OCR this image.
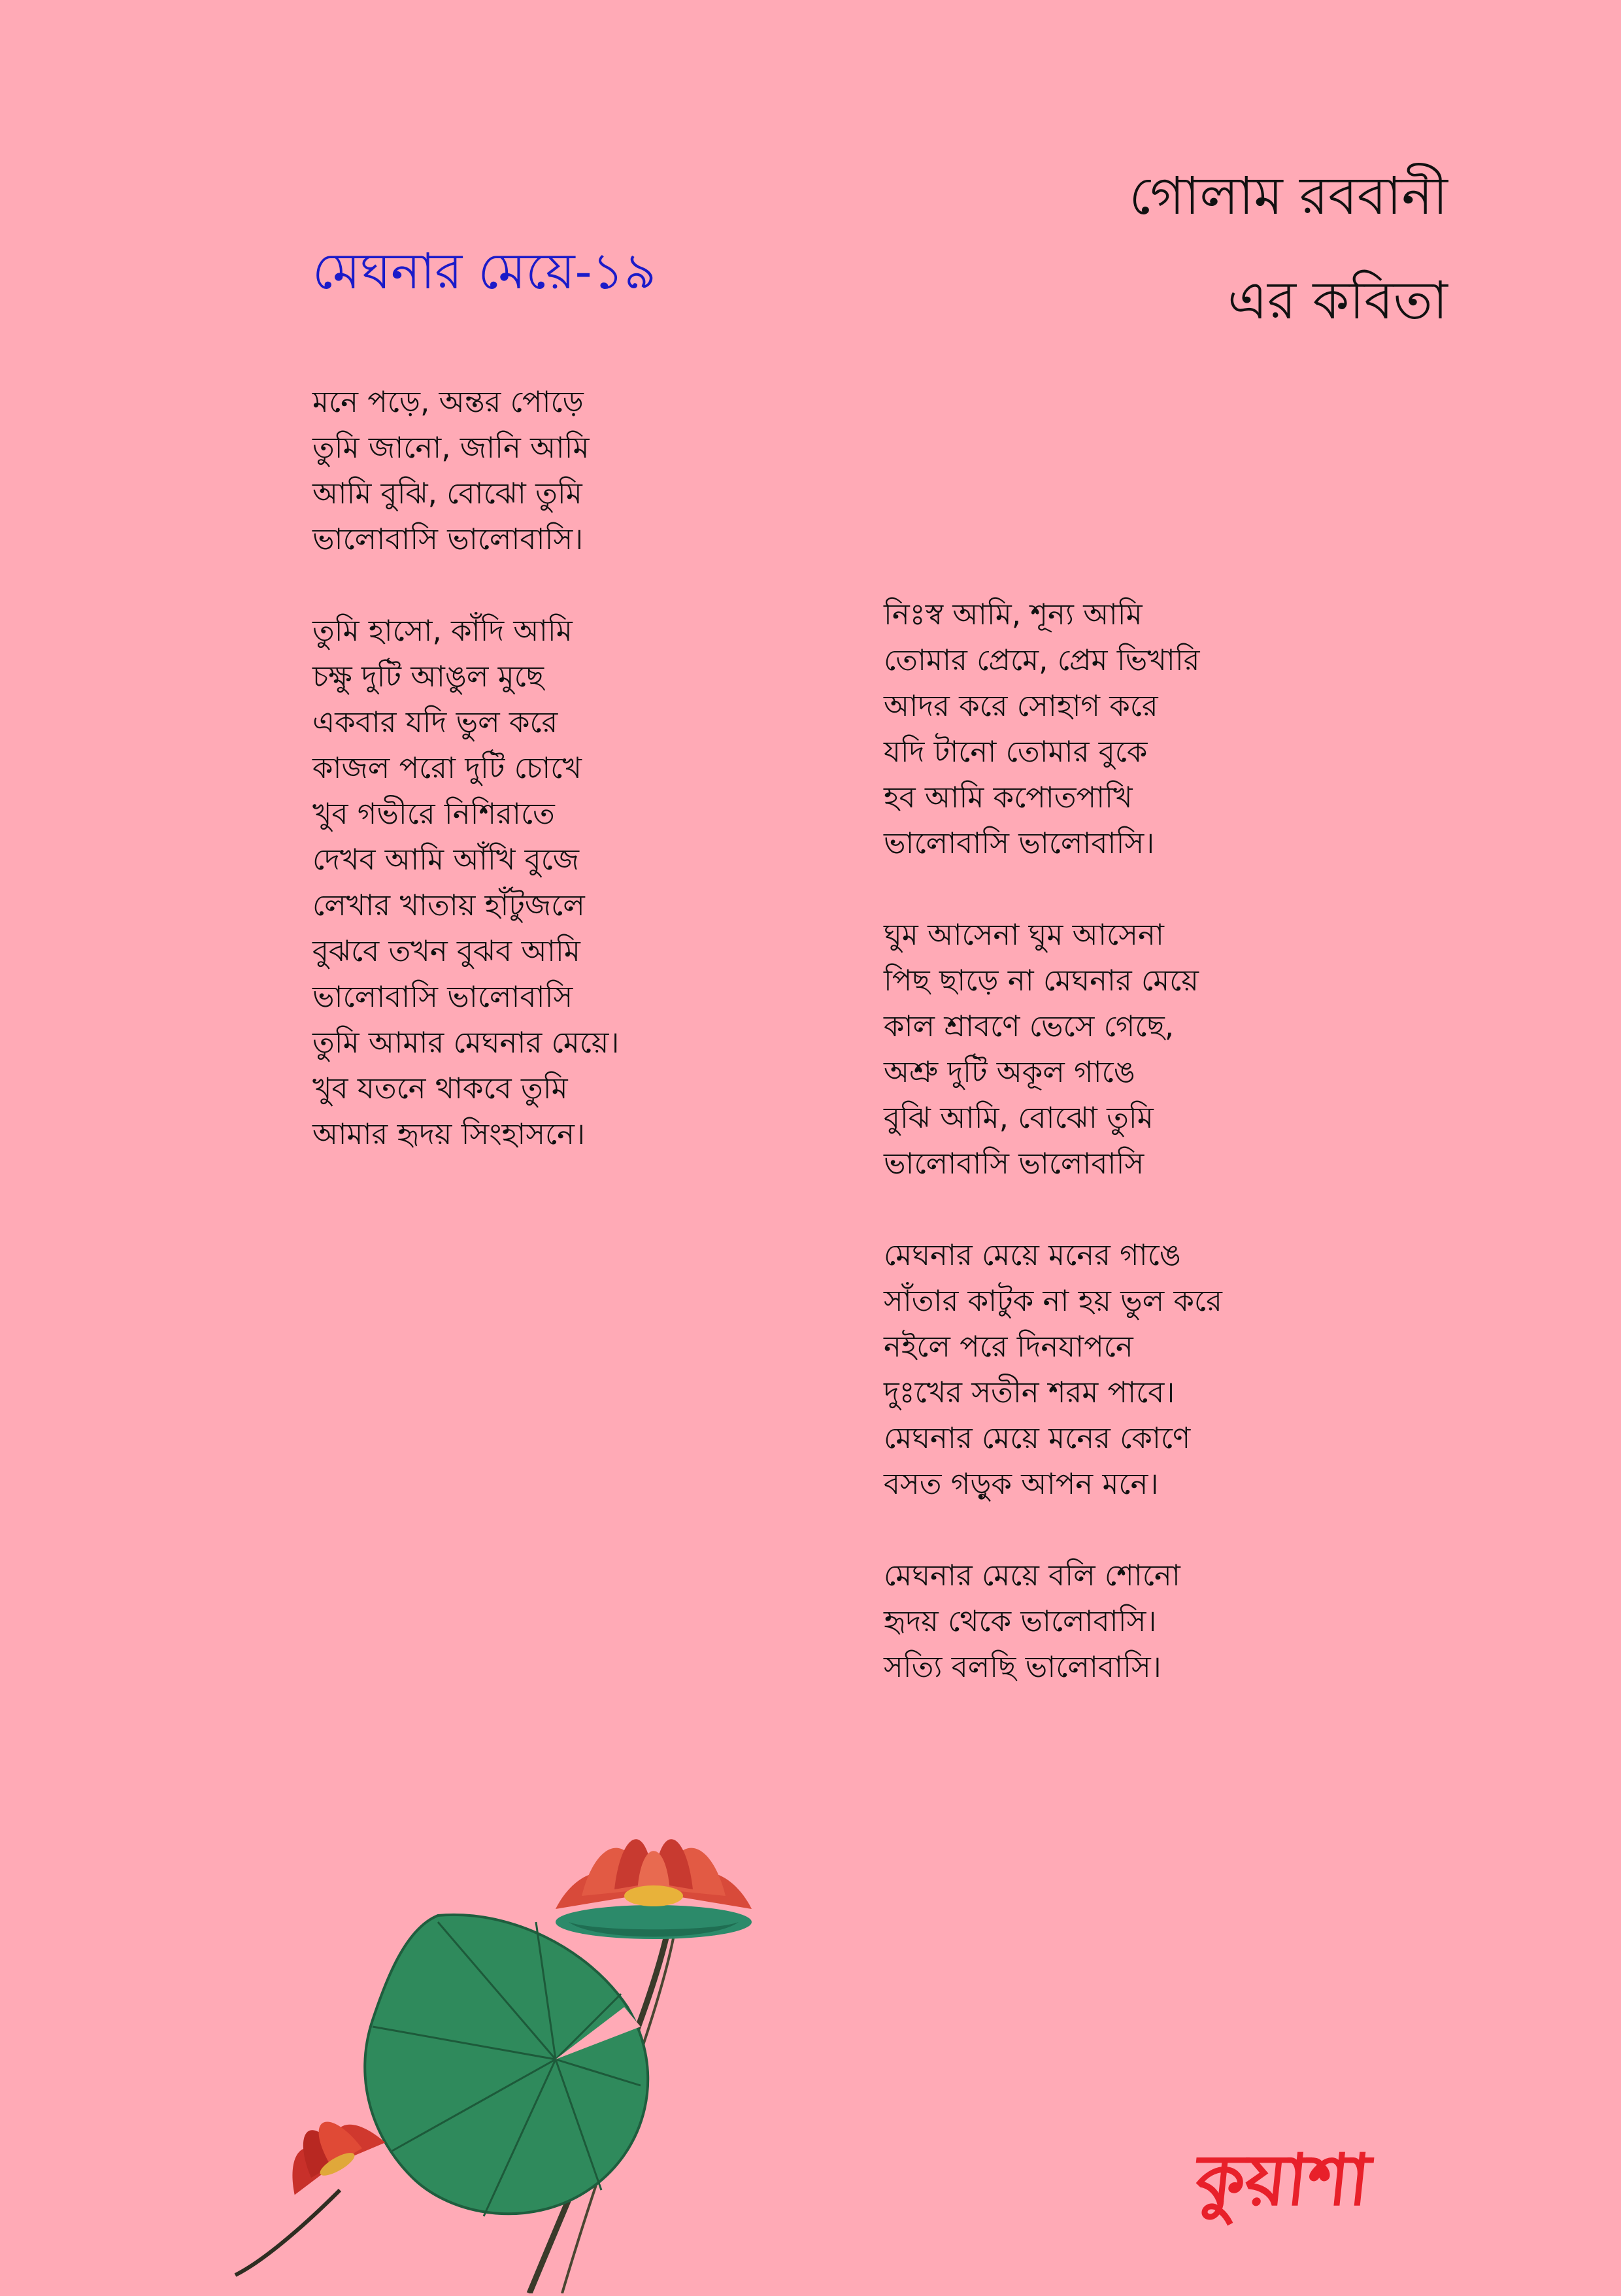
গোলাম রববানী
এর কবিতা
মেঘনার মেয়ে-১৯
মনে পড়ে, অন্তর পোড়ে
তুমি জানো, জানি আমি
আমি বুঝি, বোঝো তুমি
ভালোবাসি ভালোবাসি।
তুমি হাসো, কাঁদি আমি
চক্ষু দুটি আঙুল মুছে
একবার যদি ভুল করে
কাজল পরো দুটি চোখে
খুব গভীরে নিশিরাতে
দেখব আমি আঁখি বুজে
লেখার খাতায় হাঁটুজলে
বুঝবে তখন বুঝব আমি
ভালোবাসি ভালোবাসি
তুমি আমার মেঘনার মেয়ে।
খুব যতনে থাকবে তুমি
আমার হৃদয় সিংহাসনে।
নিঃস্ব আমি, শূন্য আমি
তোমার প্রেমে, প্রেম ভিখারি
আদর করে সোহাগ করে
যদি টানো তোমার বুকে
হব আমি কপোতপাখি
ভালোবাসি ভালোবাসি।
ঘুম আসেনা ঘুম আসেনা
পিছ ছাড়ে না মেঘনার মেয়ে
কাল শ্রাবণে ভেসে গেছে,
অশ্রু দুটি অকূল গাঙে
বুঝি আমি, বোঝো তুমি
ভালোবাসি ভালোবাসি
মেঘনার মেয়ে মনের গাঙে
সাঁতার কাটুক না হয় ভুল করে
নইলে পরে দিনযাপনে
দুঃখের সতীন শরম পাবে।
মেঘনার মেয়ে মনের কোণে
বসত গড়ুক আপন মনে।
মেঘনার মেয়ে বলি শোনো
হৃদয় থেকে ভালোবাসি।
সত্যি বলছি ভালোবাসি।
কুয়াশা
